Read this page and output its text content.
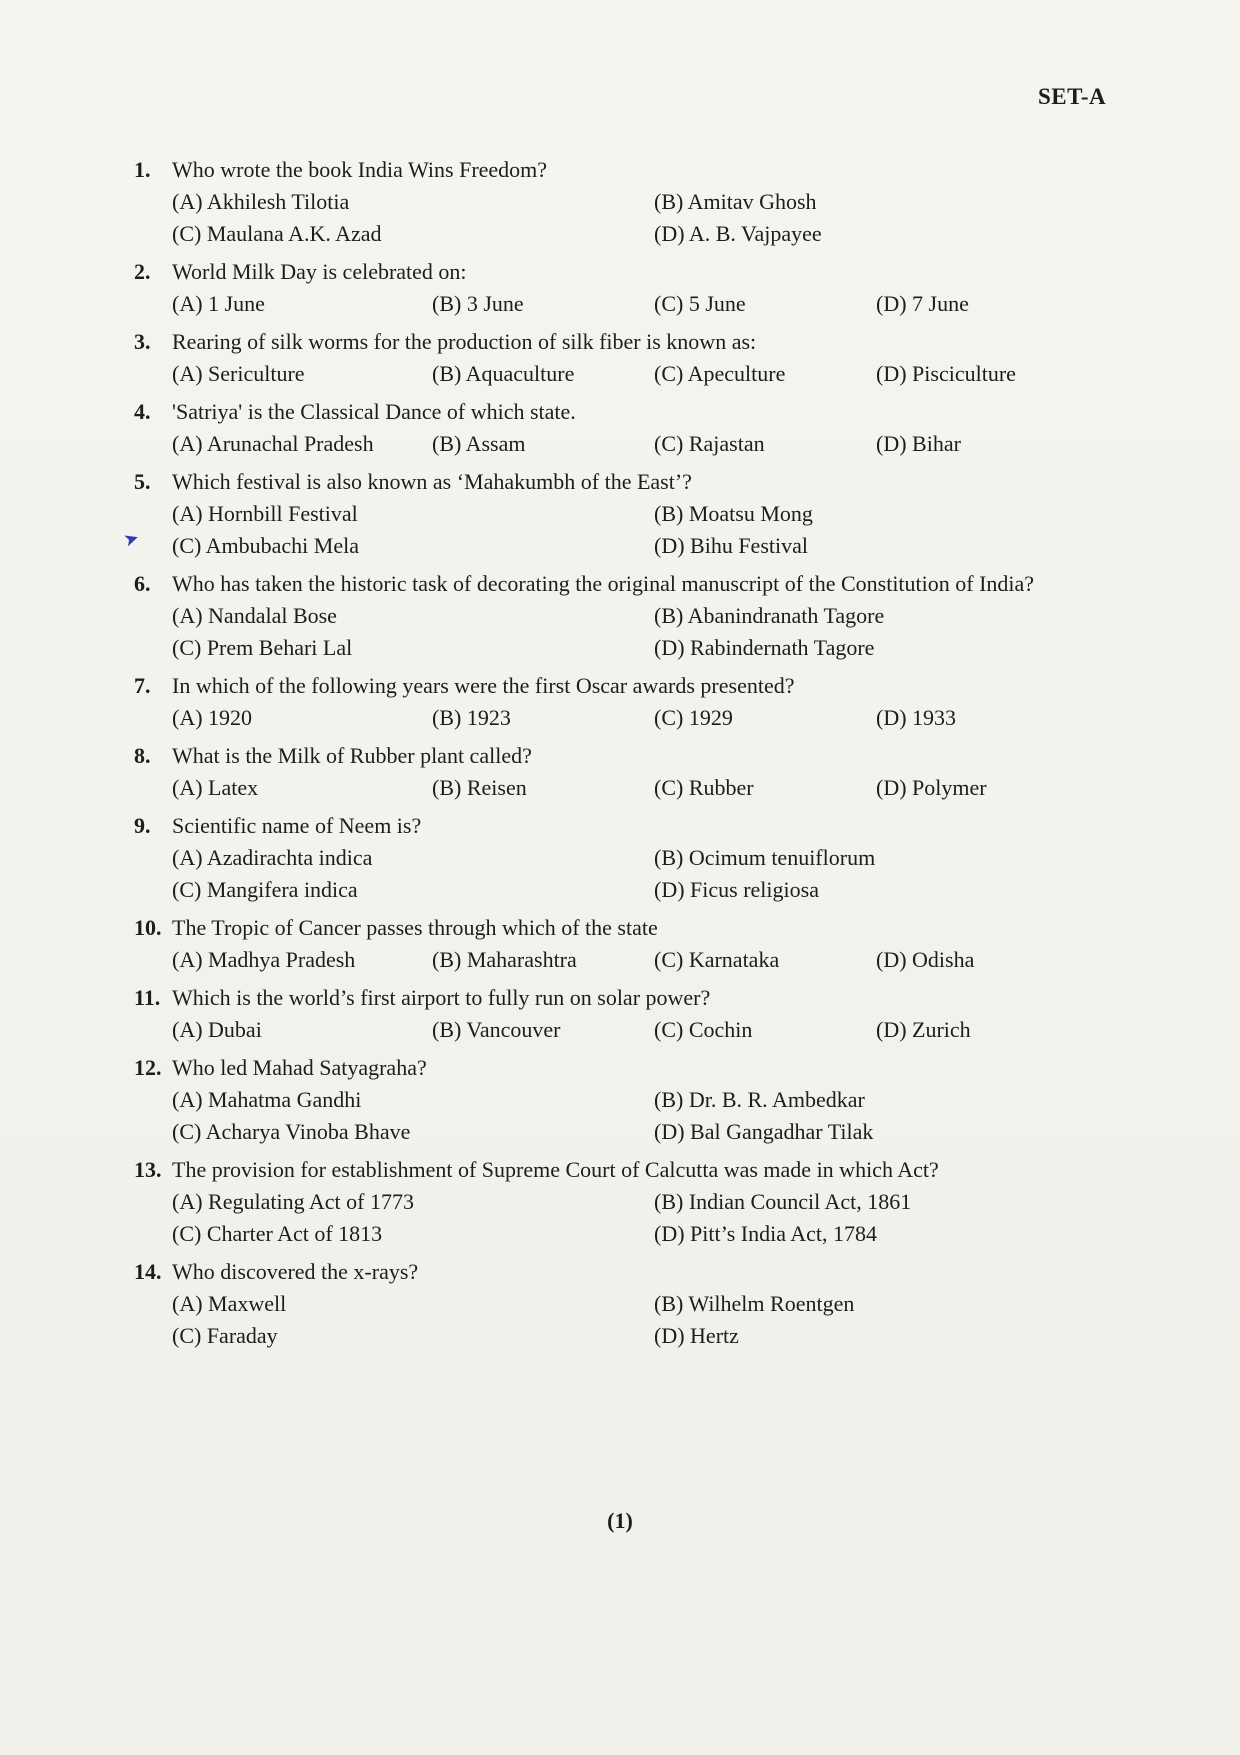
SET-A
➤
1. Who wrote the book India Wins Freedom?
(A) Akhilesh Tilotia	(B) Amitav Ghosh
(C) Maulana A.K. Azad	(D) A. B. Vajpayee
2. World Milk Day is celebrated on:
(A) 1 June	(B) 3 June	(C) 5 June	(D) 7 June
3. Rearing of silk worms for the production of silk fiber is known as:
(A) Sericulture	(B) Aquaculture	(C) Apeculture	(D) Pisciculture
4. 'Satriya' is the Classical Dance of which state.
(A) Arunachal Pradesh	(B) Assam	(C) Rajastan	(D) Bihar
5. Which festival is also known as ‘Mahakumbh of the East’?
(A) Hornbill Festival	(B) Moatsu Mong
(C) Ambubachi Mela	(D) Bihu Festival
6. Who has taken the historic task of decorating the original manuscript of the Constitution of India?
(A) Nandalal Bose	(B) Abanindranath Tagore
(C) Prem Behari Lal	(D) Rabindernath Tagore
7. In which of the following years were the first Oscar awards presented?
(A) 1920	(B) 1923	(C) 1929	(D) 1933
8. What is the Milk of Rubber plant called?
(A) Latex	(B) Reisen	(C) Rubber	(D) Polymer
9. Scientific name of Neem is?
(A) Azadirachta indica	(B) Ocimum tenuiflorum
(C) Mangifera indica	(D) Ficus religiosa
10. The Tropic of Cancer passes through which of the state
(A) Madhya Pradesh	(B) Maharashtra	(C) Karnataka	(D) Odisha
11. Which is the world’s first airport to fully run on solar power?
(A) Dubai	(B) Vancouver	(C) Cochin	(D) Zurich
12. Who led Mahad Satyagraha?
(A) Mahatma Gandhi	(B) Dr. B. R. Ambedkar
(C) Acharya Vinoba Bhave	(D) Bal Gangadhar Tilak
13. The provision for establishment of Supreme Court of Calcutta was made in which Act?
(A) Regulating Act of 1773	(B) Indian Council Act, 1861
(C) Charter Act of 1813	(D) Pitt’s India Act, 1784
14. Who discovered the x-rays?
(A) Maxwell	(B) Wilhelm Roentgen
(C) Faraday	(D) Hertz
(1)
